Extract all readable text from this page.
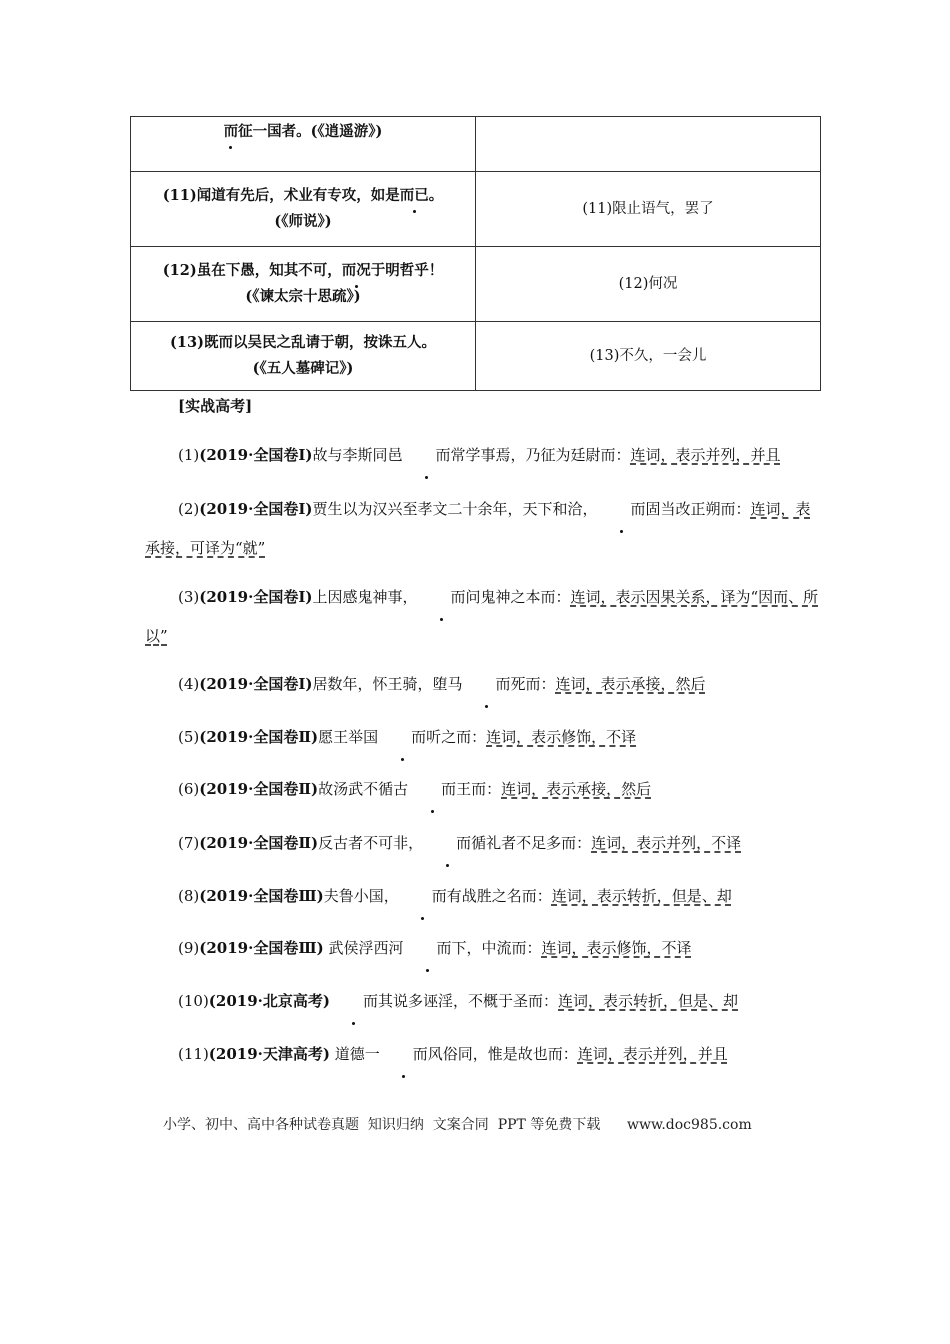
而征一国者。(《逍遥游》)	

(11)闻道有先后，术业有专攻，如是而已。
(《师说》)	(11)限止语气，罢了

(12)虽在下愚，知其不可，而况于明哲乎！
(《谏太宗十思疏》)	(12)何况

(13)既而以吴民之乱请于朝，按诛五人。
(《五人墓碑记》)	(13)不久，一会儿
[实战高考]
(1)(2019·全国卷Ⅰ)故与李斯同邑 而常学事焉，乃征为廷尉而：连词，表示并列，并且
(2)(2019·全国卷Ⅰ)贾生以为汉兴至孝文二十余年，天下和洽， 而固当改正朔而：连词，表承接，可译为“就”
(3)(2019·全国卷Ⅰ)上因感鬼神事， 而问鬼神之本而：连词，表示因果关系，译为“因而、所以”
(4)(2019·全国卷Ⅰ)居数年，怀王骑，堕马 而死而：连词，表示承接，然后
(5)(2019·全国卷Ⅱ)愿王举国 而听之而：连词，表示修饰，不译
(6)(2019·全国卷Ⅱ)故汤武不循古 而王而：连词，表示承接，然后
(7)(2019·全国卷Ⅱ)反古者不可非， 而循礼者不足多而：连词，表示并列，不译
(8)(2019·全国卷Ⅲ)夫鲁小国， 而有战胜之名而：连词，表示转折，但是、却
(9)(2019·全国卷Ⅲ) 武侯浮西河 而下，中流而：连词，表示修饰，不译
(10)(2019·北京高考) 而其说多诬淫，不概于圣而：连词，表示转折，但是、却
(11)(2019·天津高考) 道德一 而风俗同，惟是故也而：连词，表示并列，并且
小学、初中、高中各种试卷真题  知识归纳  文案合同  PPT 等免费下载      www.doc985.com
